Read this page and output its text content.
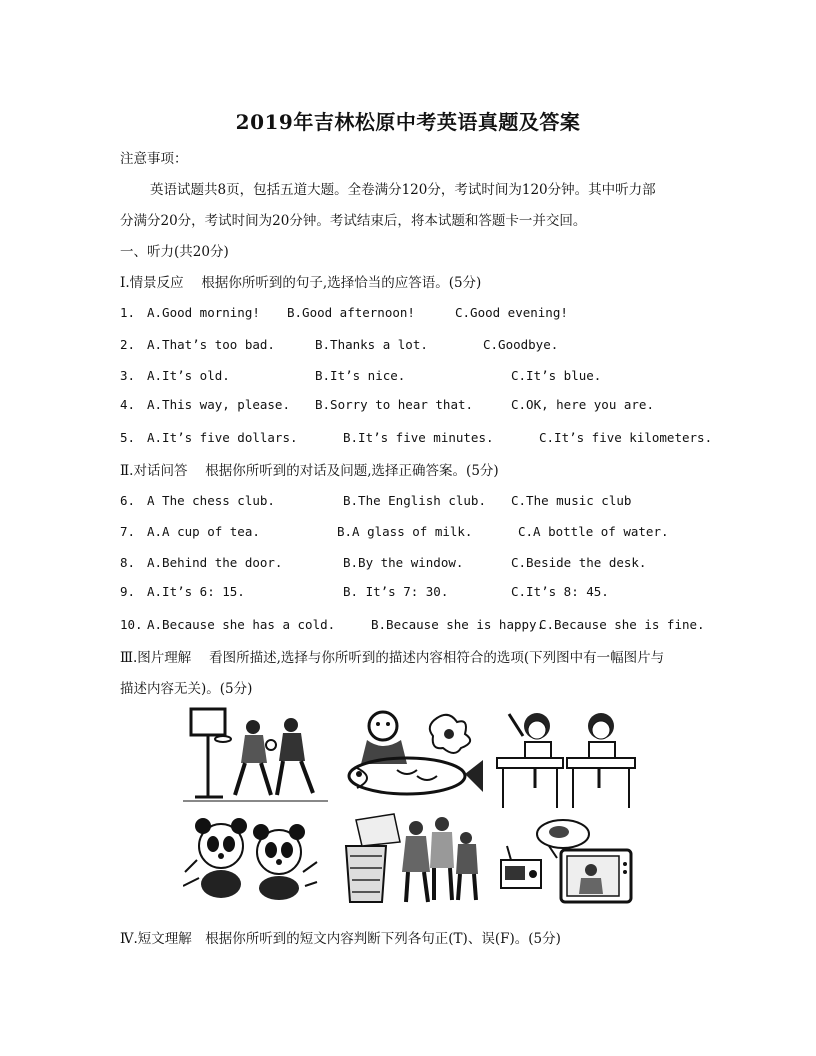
2019年吉林松原中考英语真题及答案
注意事项：
英语试题共8页，包括五道大题。全卷满分120分，考试时间为120分钟。其中听力部
分满分20分，考试时间为20分钟。考试结束后，将本试题和答题卡一并交回。
一、听力(共20分)
Ⅰ.情景反应　 根据你所听到的句子,选择恰当的应答语。(5分)
1. A.Good morning! B.Good afternoon!	C.Good evening!
2. A.That’s too bad.	B.Thanks a lot.	C.Goodbye.
3. A.It’s old.	B.It’s nice.	C.It’s blue.
4. A.This way, please. B.Sorry to hear that.	C.OK, here you are.
5. A.It’s five dollars.	B.It’s five minutes.	C.It’s five kilometers.
Ⅱ.对话问答　 根据你所听到的对话及问题,选择正确答案。(5分)
6. A The chess club.	B.The English club. C.The music club
7. A.A cup of tea.	B.A glass of milk.	C.A bottle of water.
8. A.Behind the door.	B.By the window.	C.Beside the desk.
9. A.It’s 6: 15.	B. It’s 7: 30.	C.It’s 8: 45.
10. A.Because she has a cold.	B.Because she is happy.
C.Because she is fine.
Ⅲ.图片理解　 看图所描述,选择与你所听到的描述内容相符合的选项(下列图中有一幅图片与
描述内容无关)。(5分)
Ⅳ.短文理解　根据你所听到的短文内容判断下列各句正(T)、误(F)。(5分)
